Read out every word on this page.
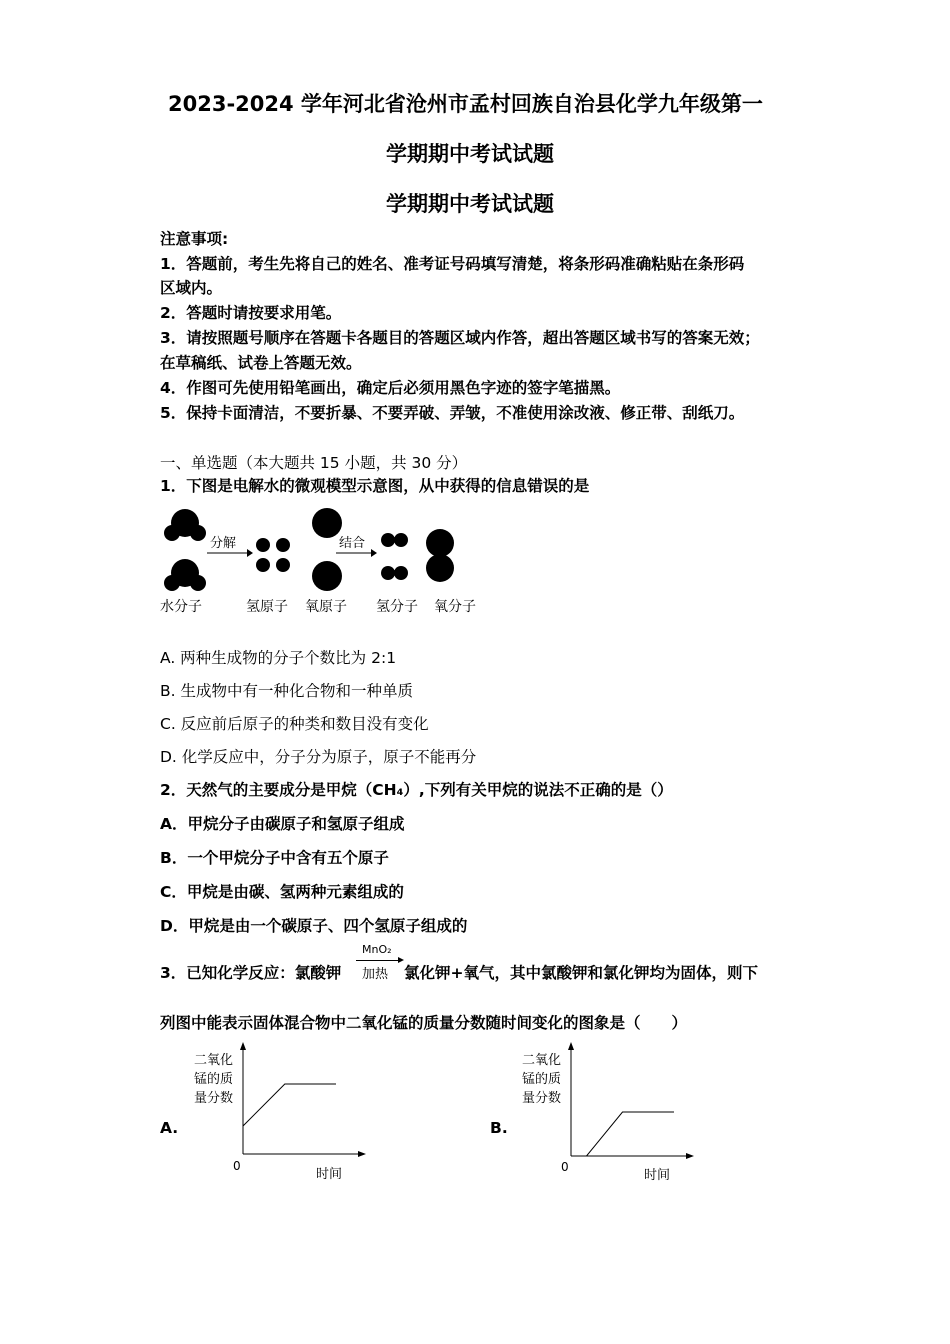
2023-2024 学年河北省沧州市孟村回族自治县化学九年级第一
学期期中考试试题
学期期中考试试题
注意事项:
1．答题前，考生先将自己的姓名、准考证号码填写清楚，将条形码准确粘贴在条形码
区域内。
2．答题时请按要求用笔。
3．请按照题号顺序在答题卡各题目的答题区域内作答，超出答题区域书写的答案无效；
在草稿纸、试卷上答题无效。
4．作图可先使用铅笔画出，确定后必须用黑色字迹的签字笔描黑。
5．保持卡面清洁，不要折暴、不要弄破、弄皱，不准使用涂改液、修正带、刮纸刀。
一、单选题（本大题共 15 小题，共 30 分）
1．下图是电解水的微观模型示意图，从中获得的信息错误的是
分解	结合
水分子	氢原子 氧原子 氢分子 氧分子
A. 两种生成物的分子个数比为 2:1
B. 生成物中有一种化合物和一种单质
C. 反应前后原子的种类和数目没有变化
D. 化学反应中，分子分为原子，原子不能再分
2．天然气的主要成分是甲烷（CH₄）,下列有关甲烷的说法不正确的是（）
A．甲烷分子由碳原子和氢原子组成
B．一个甲烷分子中含有五个原子
C．甲烷是由碳、氢两种元素组成的
D．甲烷是由一个碳原子、四个氢原子组成的
3．已知化学反应：氯酸钾
MnO₂
加热 氯化钾+氧气，其中氯酸钾和氯化钾均为固体，则下
列图中能表示固体混合物中二氧化锰的质量分数随时间变化的图象是（　　）
A.
二氧化
锰的质
量分数
0
时间
B.
二氧化
锰的质
量分数
0
时间
